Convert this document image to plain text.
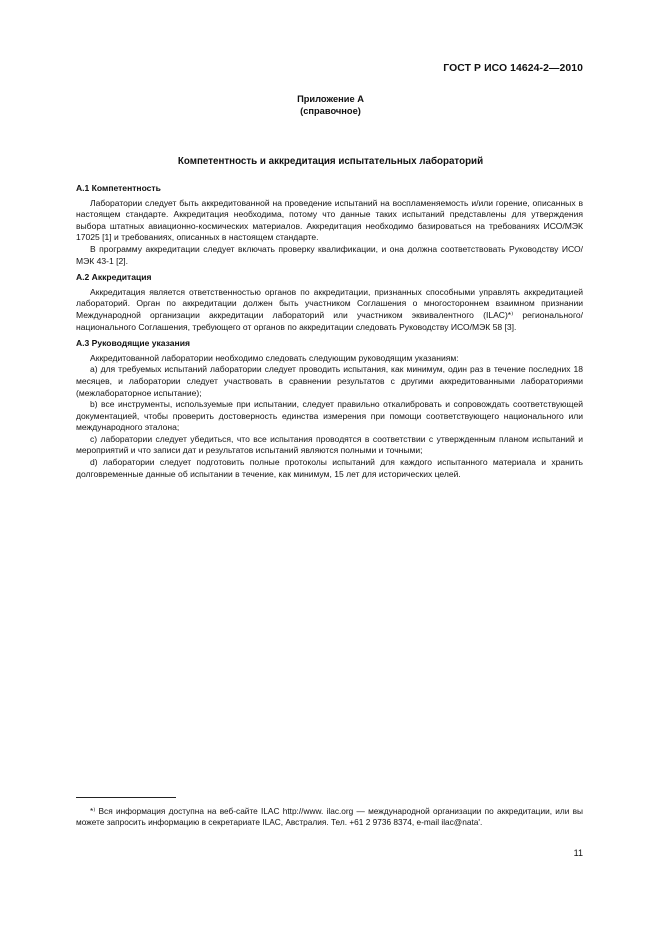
ГОСТ Р ИСО 14624-2—2010
Приложение А
(справочное)
Компетентность и аккредитация испытательных лабораторий

А.1 Компетентность

Лаборатории следует быть аккредитованной на проведение испытаний на воспламеняемость и/или горение, описанных в настоящем стандарте. Аккредитация необходима, потому что данные таких испытаний представлены для утверждения выбора штатных авиационно-космических материалов. Аккредитация необходимо базироваться на требованиях ИСО/МЭК 17025 [1] и требованиях, описанных в настоящем стандарте.

В программу аккредитации следует включать проверку квалификации, и она должна соответствовать Руководству ИСО/МЭК 43-1 [2].

А.2 Аккредитация

Аккредитация является ответственностью органов по аккредитации, признанных способными управлять аккредитацией лабораторий. Орган по аккредитации должен быть участником Соглашения о многостороннем взаимном признании Международной организации аккредитации лабораторий или участником эквивалентного (ILAC)*⁾ регионального/национального Соглашения, требующего от органов по аккредитации следовать Руководству ИСО/МЭК 58 [3].

А.3 Руководящие указания

Аккредитованной лаборатории необходимо следовать следующим руководящим указаниям:

a) для требуемых испытаний лаборатории следует проводить испытания, как минимум, один раз в течение последних 18 месяцев, и лаборатории следует участвовать в сравнении результатов с другими аккредитованными лабораториями (межлабораторное испытание);

b) все инструменты, используемые при испытании, следует правильно откалибровать и сопровождать соответствующей документацией, чтобы проверить достоверность единства измерения при помощи соответствующего национального или международного эталона;

c) лаборатории следует убедиться, что все испытания проводятся в соответствии с утвержденным планом испытаний и мероприятий и что записи дат и результатов испытаний являются полными и точными;

d) лаборатории следует подготовить полные протоколы испытаний для каждого испытанного материала и хранить долговременные данные об испытании в течение, как минимум, 15 лет для исторических целей.

*⁾ Вся информация доступна на веб-сайте ILAC http://www. ilac.org — международной организации по аккредитации, или вы можете запросить информацию в секретариате ILAC, Австралия. Тел. +61 2 9736 8374, e-mail ilac@nata'.
11
